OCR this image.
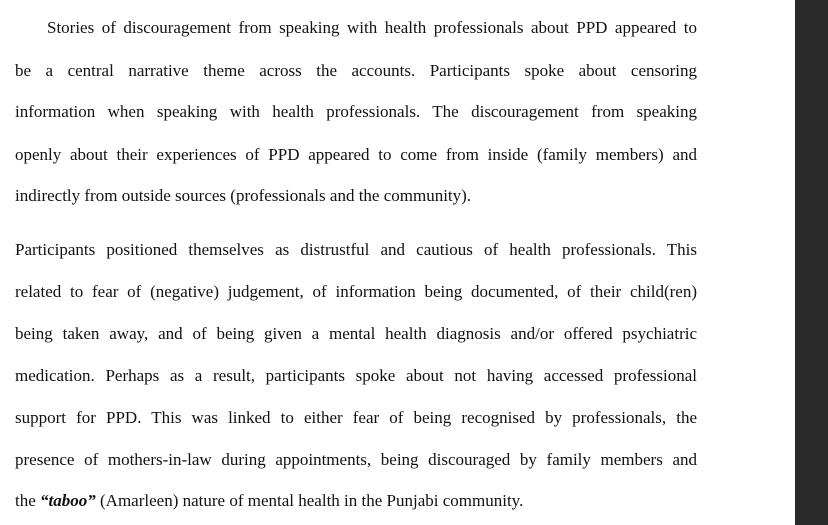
Stories of discouragement from speaking with health professionals about PPD appeared to
be a central narrative theme across the accounts. Participants spoke about censoring
information when speaking with health professionals. The discouragement from speaking
openly about their experiences of PPD appeared to come from inside (family members) and
indirectly from outside sources (professionals and the community).
Participants positioned themselves as distrustful and cautious of health professionals. This
related to fear of (negative) judgement, of information being documented, of their child(ren)
being taken away, and of being given a mental health diagnosis and/or offered psychiatric
medication. Perhaps as a result, participants spoke about not having accessed professional
support for PPD. This was linked to either fear of being recognised by professionals, the
presence of mothers-in-law during appointments, being discouraged by family members and
the “taboo” (Amarleen) nature of mental health in the Punjabi community.
